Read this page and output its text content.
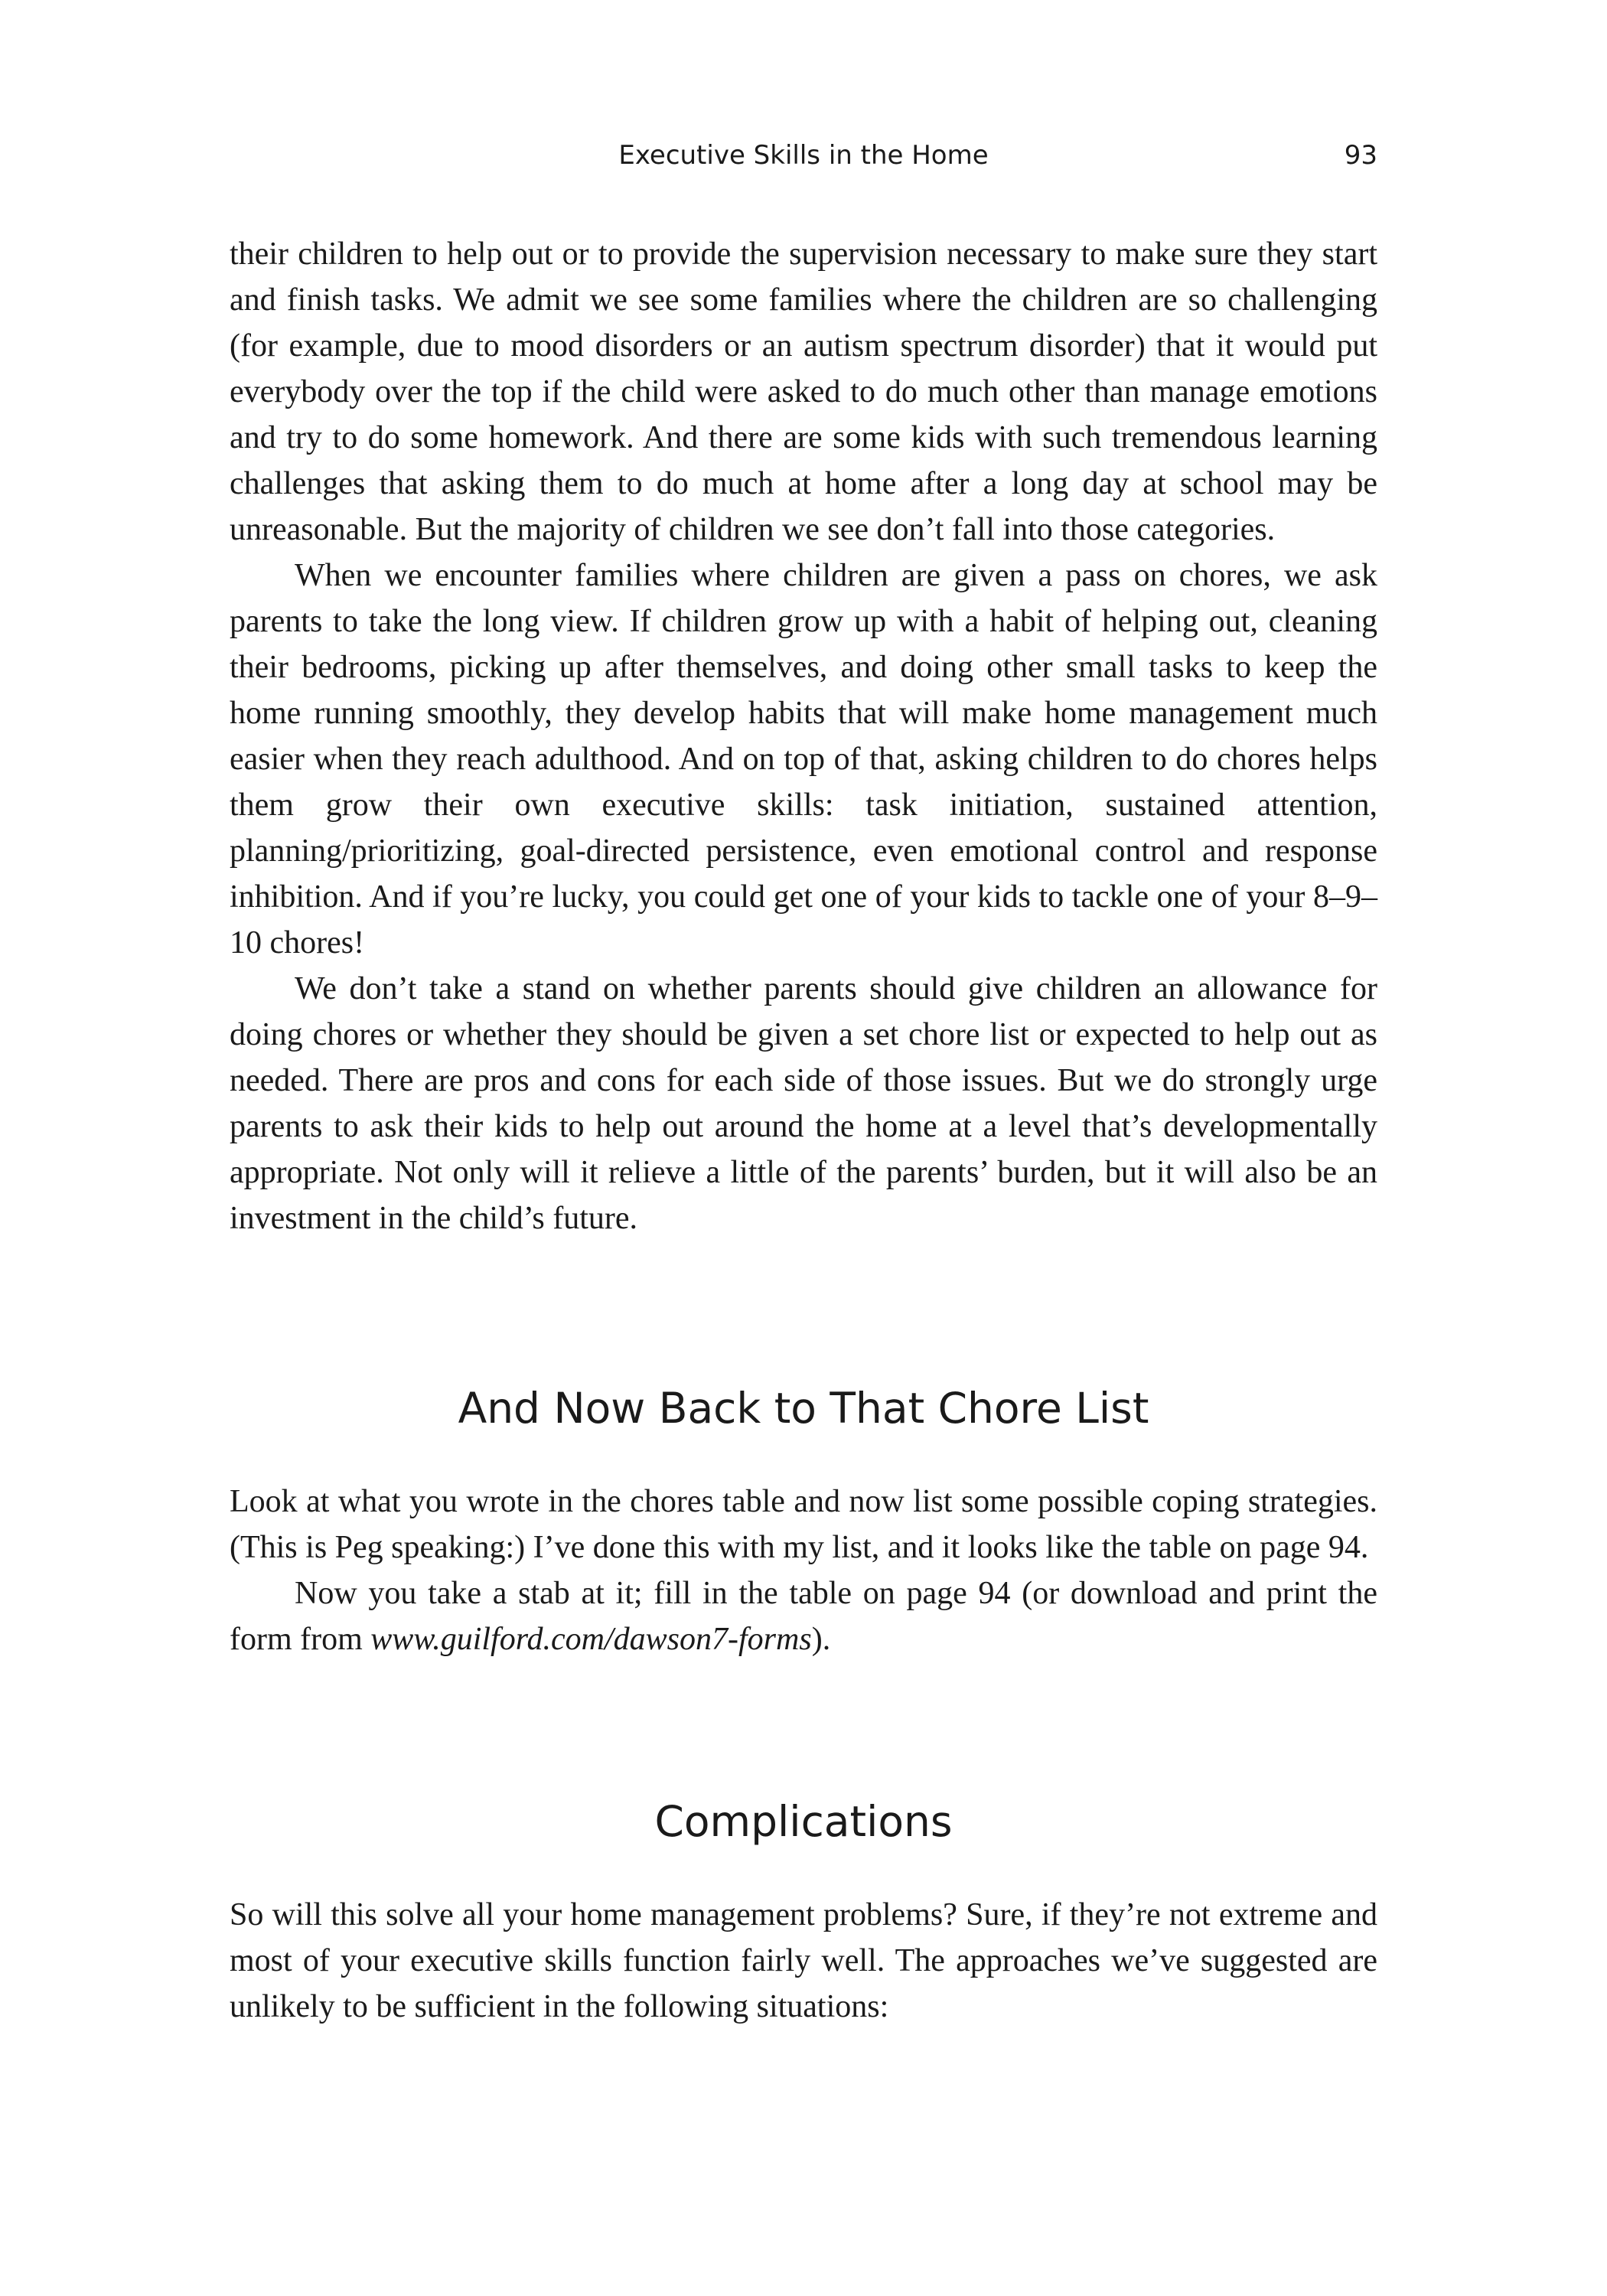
Executive Skills in the Home	93

their children to help out or to provide the supervision necessary to make sure they start and finish tasks. We admit we see some families where the children are so challenging (for example, due to mood disorders or an autism spectrum disorder) that it would put everybody over the top if the child were asked to do much other than manage emotions and try to do some homework. And there are some kids with such tremendous learning challenges that asking them to do much at home after a long day at school may be unreasonable. But the majority of children we see don’t fall into those categories.

When we encounter families where children are given a pass on chores, we ask parents to take the long view. If children grow up with a habit of helping out, cleaning their bedrooms, picking up after themselves, and doing other small tasks to keep the home running smoothly, they develop habits that will make home management much easier when they reach adulthood. And on top of that, asking children to do chores helps them grow their own executive skills: task initiation, sustained attention, planning/prioritizing, goal-directed persistence, even emotional control and response inhibition. And if you’re lucky, you could get one of your kids to tackle one of your 8–9–10 chores!

We don’t take a stand on whether parents should give children an allowance for doing chores or whether they should be given a set chore list or expected to help out as needed. There are pros and cons for each side of those issues. But we do strongly urge parents to ask their kids to help out around the home at a level that’s developmentally appropriate. Not only will it relieve a little of the parents’ burden, but it will also be an investment in the child’s future.

And Now Back to That Chore List

Look at what you wrote in the chores table and now list some possible coping strategies. (This is Peg speaking:) I’ve done this with my list, and it looks like the table on page 94.

Now you take a stab at it; fill in the table on page 94 (or download and print the form from www.guilford.com/dawson7-forms).

Complications

So will this solve all your home management problems? Sure, if they’re not extreme and most of your executive skills function fairly well. The approaches we’ve suggested are unlikely to be sufficient in the following situations:
